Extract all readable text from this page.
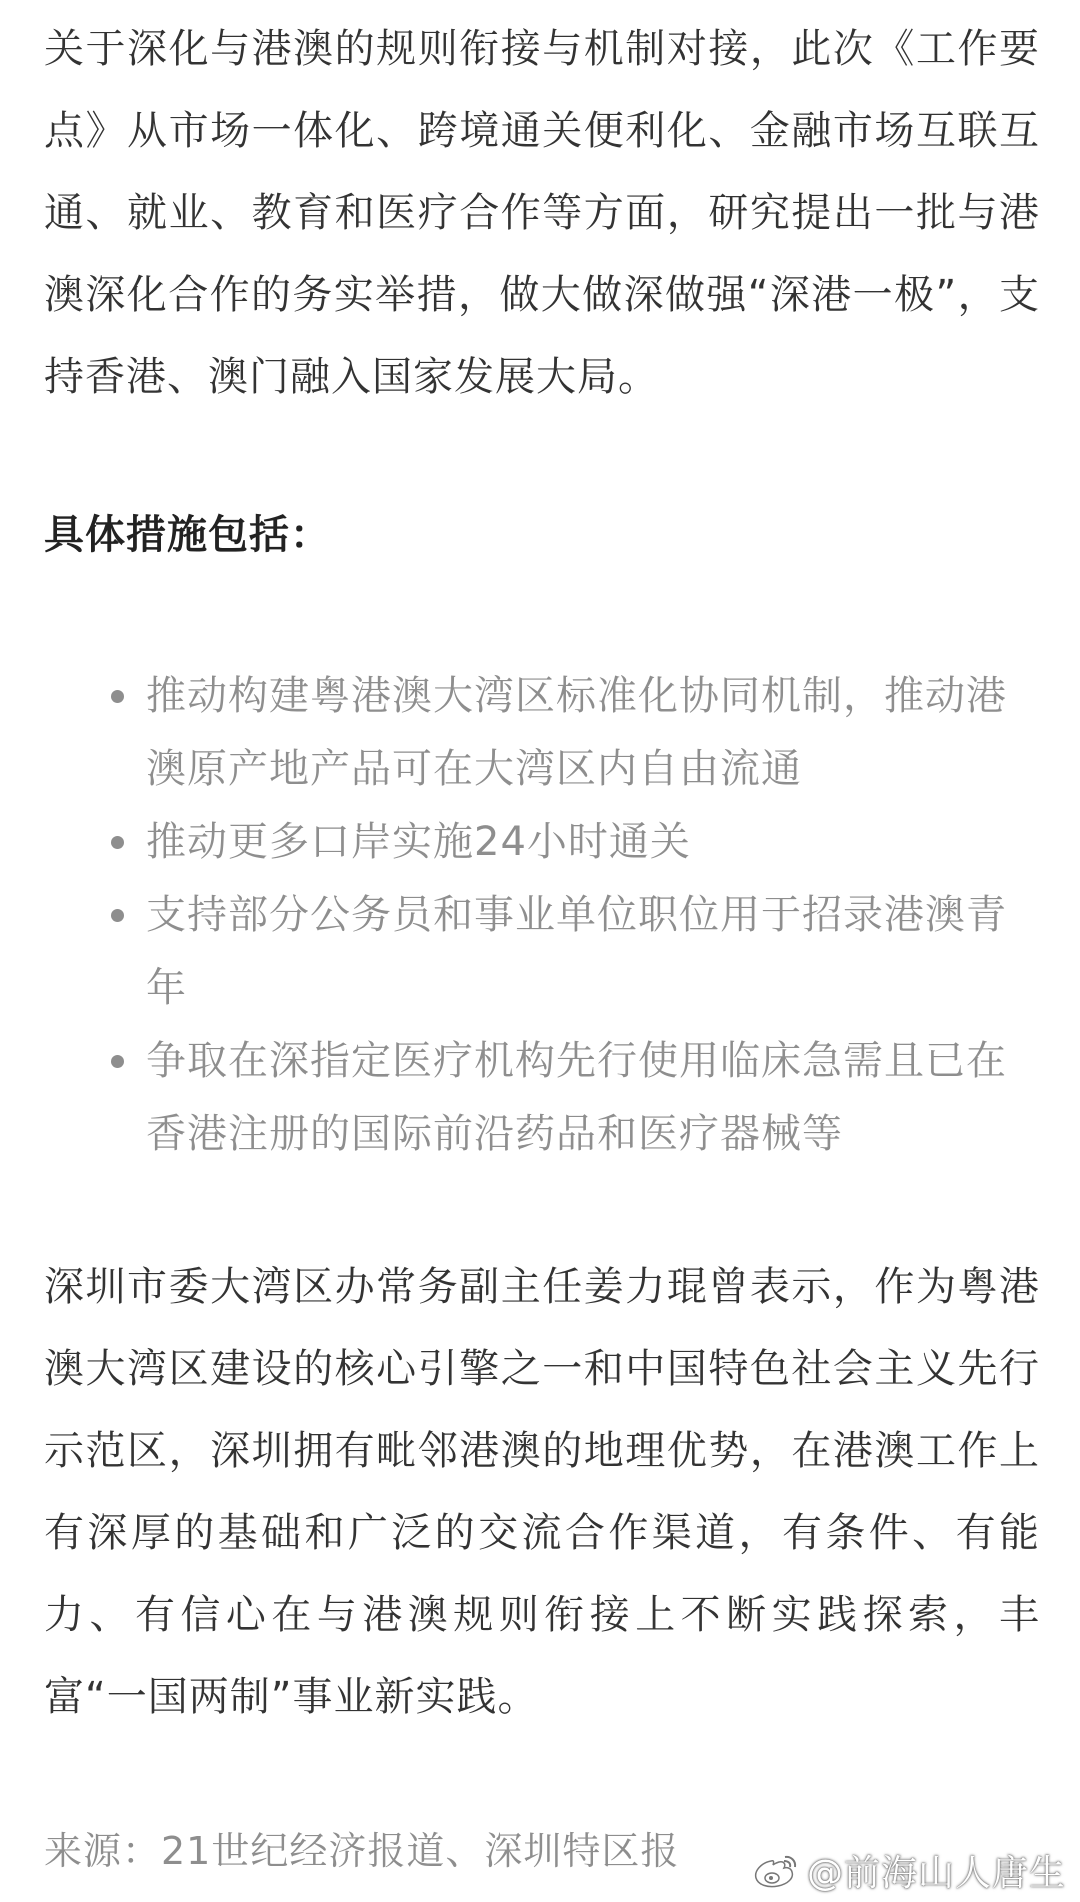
关于深化与港澳的规则衔接与机制对接，此次《工作要点》从市场一体化、跨境通关便利化、金融市场互联互通、就业、教育和医疗合作等方面，研究提出一批与港澳深化合作的务实举措，做大做深做强“深港一极”，支持香港、澳门融入国家发展大局。

具体措施包括：

推动构建粤港澳大湾区标准化协同机制，推动港澳原产地产品可在大湾区内自由流通
推动更多口岸实施24小时通关
支持部分公务员和事业单位职位用于招录港澳青年
争取在深指定医疗机构先行使用临床急需且已在香港注册的国际前沿药品和医疗器械等

深圳市委大湾区办常务副主任姜力琨曾表示，作为粤港澳大湾区建设的核心引擎之一和中国特色社会主义先行示范区，深圳拥有毗邻港澳的地理优势，在港澳工作上有深厚的基础和广泛的交流合作渠道，有条件、有能力、有信心在与港澳规则衔接上不断实践探索，丰富“一国两制”事业新实践。

来源：21世纪经济报道、深圳特区报

@前海山人唐生
